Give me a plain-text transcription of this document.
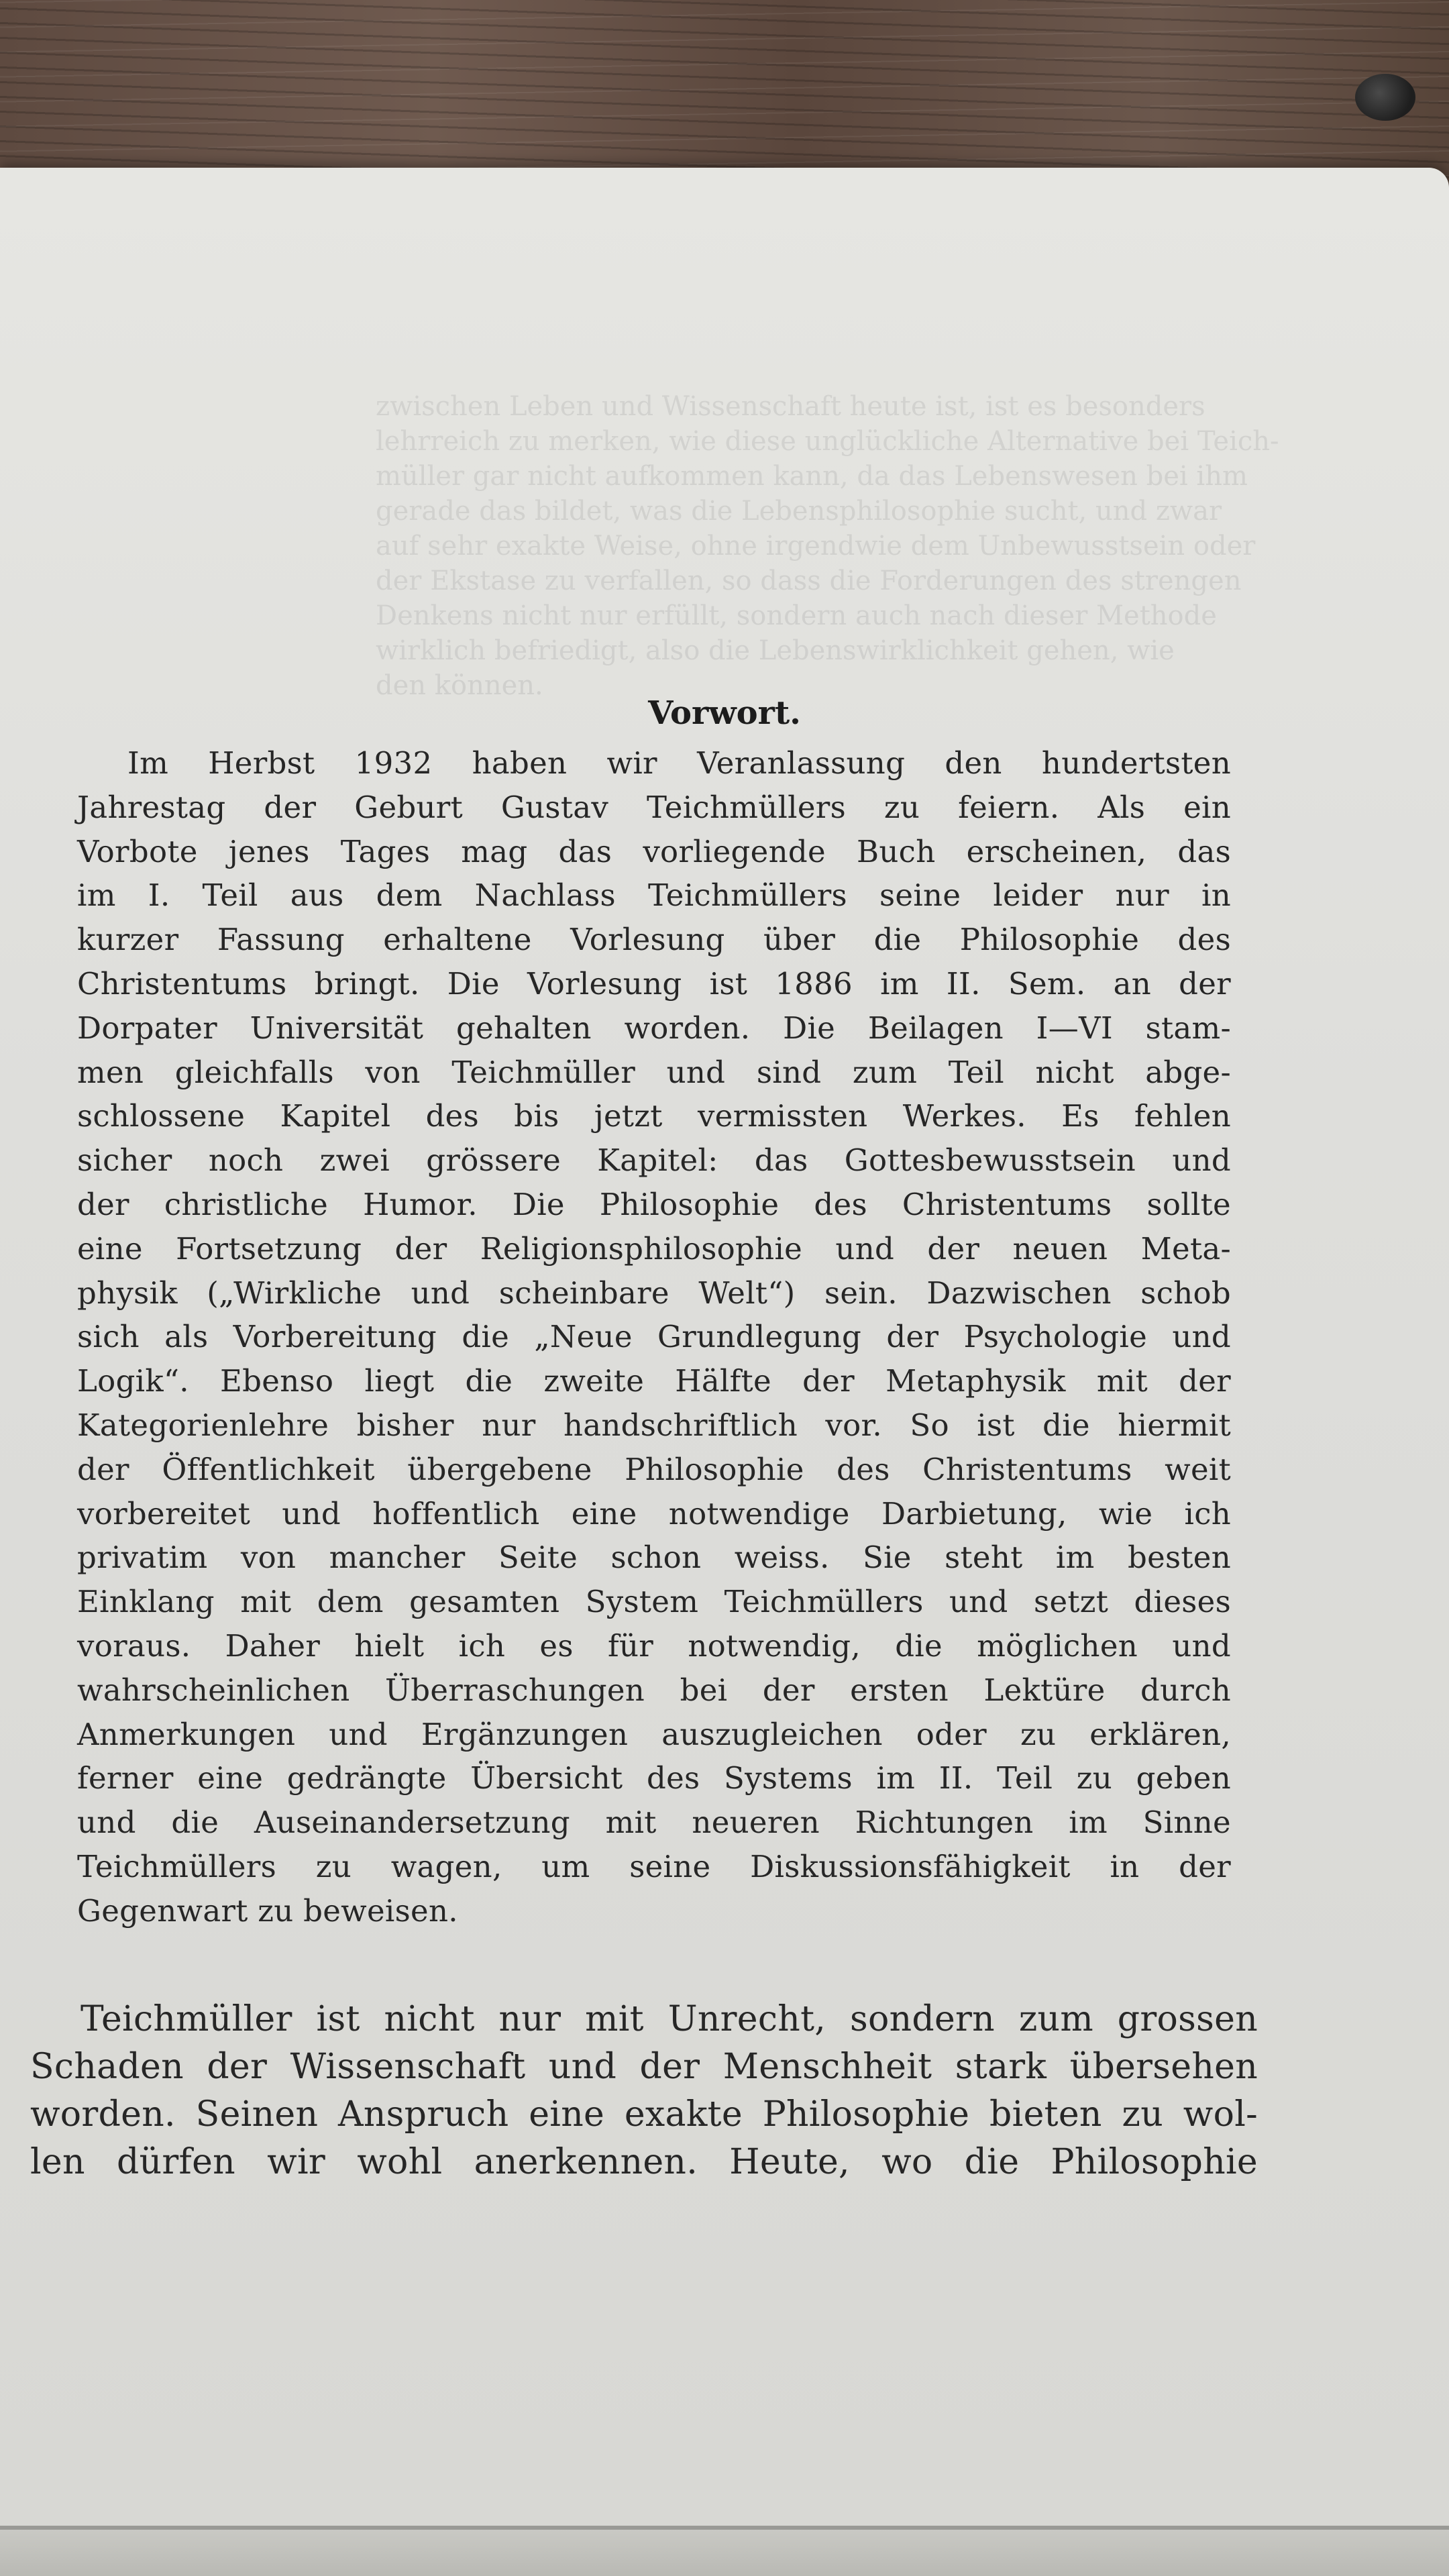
zwischen Leben und Wissenschaft heute ist, ist es besonders
lehrreich zu merken, wie diese unglückliche Alternative bei Teich-
müller gar nicht aufkommen kann, da das Lebenswesen bei ihm
gerade das bildet, was die Lebensphilosophie sucht, und zwar
auf sehr exakte Weise, ohne irgendwie dem Unbewusstsein oder
der Ekstase zu verfallen, so dass die Forderungen des strengen
Denkens nicht nur erfüllt, sondern auch nach dieser Methode
wirklich befriedigt, also die Lebenswirklichkeit gehen, wie
den können.
Vorwort.
Im Herbst 1932 haben wir Veranlassung den hundertsten
Jahrestag der Geburt Gustav Teichmüllers zu feiern. Als ein
Vorbote jenes Tages mag das vorliegende Buch erscheinen, das
im I. Teil aus dem Nachlass Teichmüllers seine leider nur in
kurzer Fassung erhaltene Vorlesung über die Philosophie des
Christentums bringt. Die Vorlesung ist 1886 im II. Sem. an der
Dorpater Universität gehalten worden. Die Beilagen I—VI stam-
men gleichfalls von Teichmüller und sind zum Teil nicht abge-
schlossene Kapitel des bis jetzt vermissten Werkes. Es fehlen
sicher noch zwei grössere Kapitel: das Gottesbewusstsein und
der christliche Humor. Die Philosophie des Christentums sollte
eine Fortsetzung der Religionsphilosophie und der neuen Meta-
physik („Wirkliche und scheinbare Welt“) sein. Dazwischen schob
sich als Vorbereitung die „Neue Grundlegung der Psychologie und
Logik“. Ebenso liegt die zweite Hälfte der Metaphysik mit der
Kategorienlehre bisher nur handschriftlich vor. So ist die hiermit
der Öffentlichkeit übergebene Philosophie des Christentums weit
vorbereitet und hoffentlich eine notwendige Darbietung, wie ich
privatim von mancher Seite schon weiss. Sie steht im besten
Einklang mit dem gesamten System Teichmüllers und setzt dieses
voraus. Daher hielt ich es für notwendig, die möglichen und
wahrscheinlichen Überraschungen bei der ersten Lektüre durch
Anmerkungen und Ergänzungen auszugleichen oder zu erklären,
ferner eine gedrängte Übersicht des Systems im II. Teil zu geben
und die Auseinandersetzung mit neueren Richtungen im Sinne
Teichmüllers zu wagen, um seine Diskussionsfähigkeit in der
Gegenwart zu beweisen.
Teichmüller ist nicht nur mit Unrecht, sondern zum grossen
Schaden der Wissenschaft und der Menschheit stark übersehen
worden. Seinen Anspruch eine exakte Philosophie bieten zu wol-
len dürfen wir wohl anerkennen. Heute, wo die Philosophie
